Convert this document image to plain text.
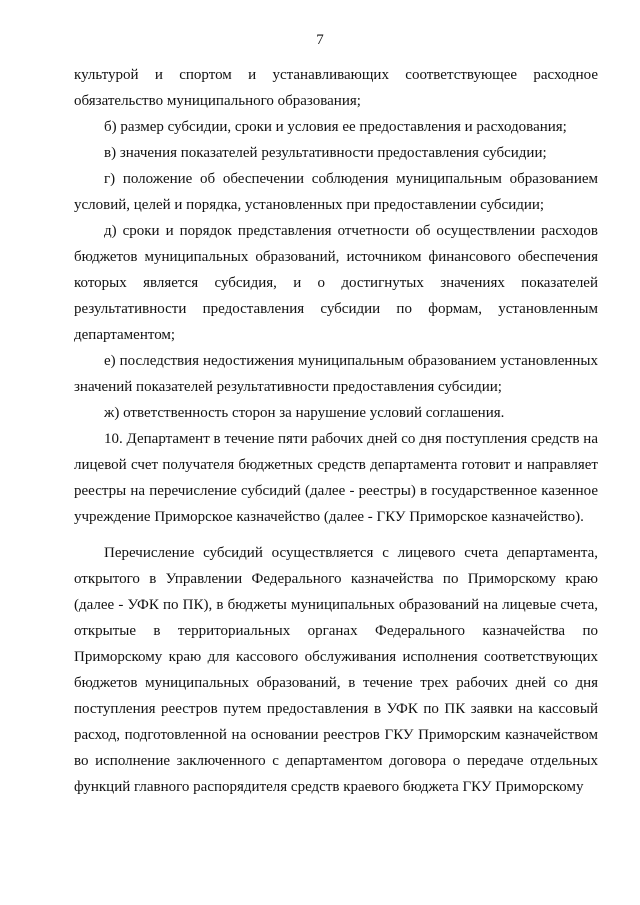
7

культурой и спортом и устанавливающих соответствующее расходное обязательство муниципального образования;

б) размер субсидии, сроки и условия ее предоставления и расходования;

в) значения показателей результативности предоставления субсидии;

г) положение об обеспечении соблюдения муниципальным образованием условий, целей и порядка, установленных при предоставлении субсидии;

д) сроки и порядок представления отчетности об осуществлении расходов бюджетов муниципальных образований, источником финансового обеспечения которых является субсидия, и о достигнутых значениях показателей результативности предоставления субсидии по формам, установленным департаментом;

е) последствия недостижения муниципальным образованием установленных значений показателей результативности предоставления субсидии;

ж) ответственность сторон за нарушение условий соглашения.

10. Департамент в течение пяти рабочих дней со дня поступления средств на лицевой счет получателя бюджетных средств департамента готовит и направляет реестры на перечисление субсидий (далее - реестры) в государственное казенное учреждение Приморское казначейство (далее - ГКУ Приморское казначейство).

Перечисление субсидий осуществляется с лицевого счета департамента, открытого в Управлении Федерального казначейства по Приморскому краю (далее - УФК по ПК), в бюджеты муниципальных образований на лицевые счета, открытые в территориальных органах Федерального казначейства по Приморскому краю для кассового обслуживания исполнения соответствующих бюджетов муниципальных образований, в течение трех рабочих дней со дня поступления реестров путем предоставления в УФК по ПК заявки на кассовый расход, подготовленной на основании реестров ГКУ Приморским казначейством во исполнение заключенного с департаментом договора о передаче отдельных функций главного распорядителя средств краевого бюджета ГКУ Приморскому
